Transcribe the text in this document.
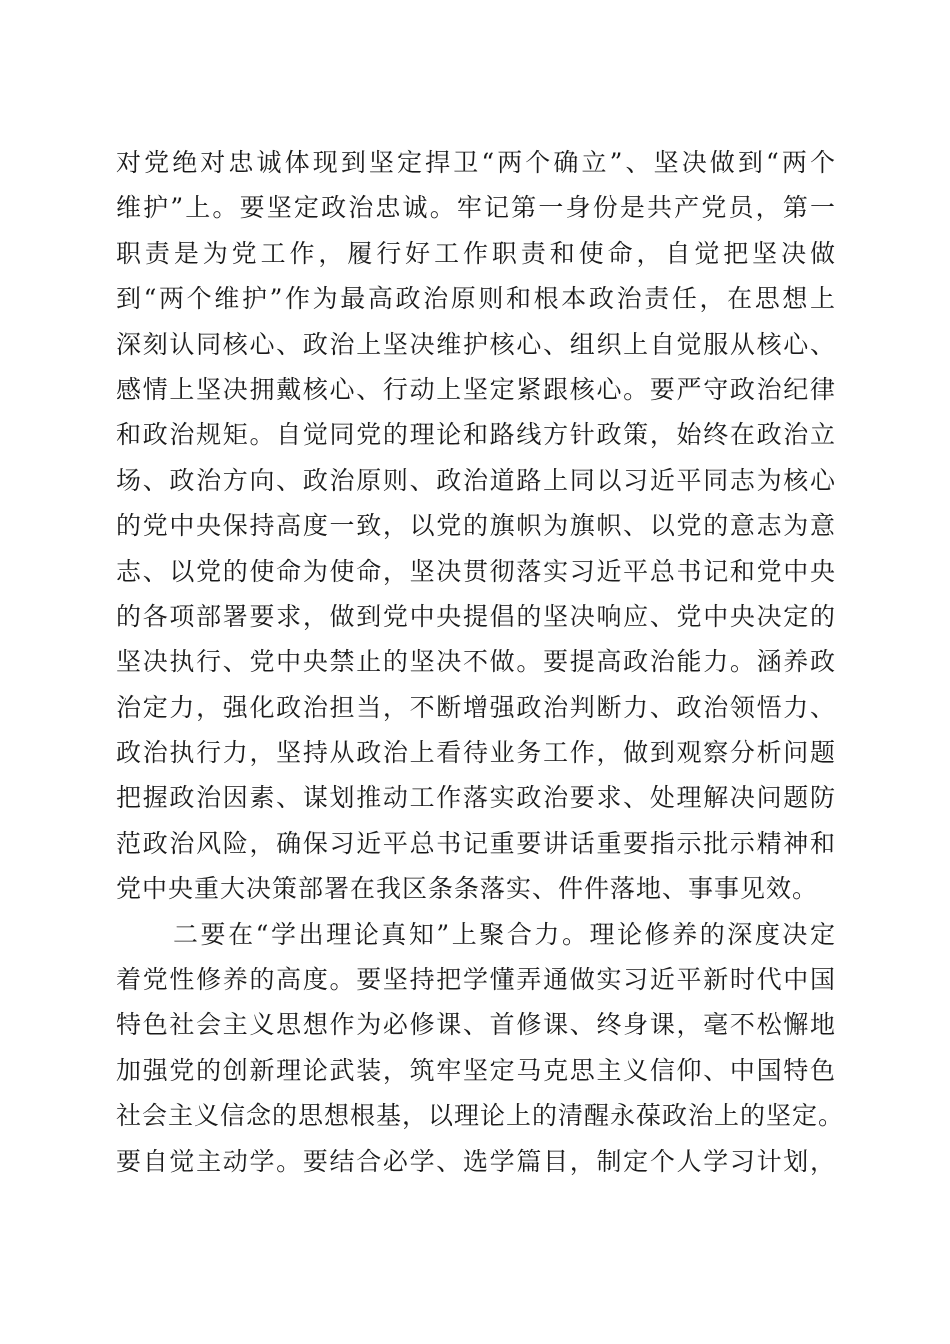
对党绝对忠诚体现到坚定捍卫“两个确立”、坚决做到“两个
维护”上。要坚定政治忠诚。牢记第一身份是共产党员，第一
职责是为党工作，履行好工作职责和使命，自觉把坚决做
到“两个维护”作为最高政治原则和根本政治责任，在思想上
深刻认同核心、政治上坚决维护核心、组织上自觉服从核心、
感情上坚决拥戴核心、行动上坚定紧跟核心。要严守政治纪律
和政治规矩。自觉同党的理论和路线方针政策，始终在政治立
场、政治方向、政治原则、政治道路上同以习近平同志为核心
的党中央保持高度一致，以党的旗帜为旗帜、以党的意志为意
志、以党的使命为使命，坚决贯彻落实习近平总书记和党中央
的各项部署要求，做到党中央提倡的坚决响应、党中央决定的
坚决执行、党中央禁止的坚决不做。要提高政治能力。涵养政
治定力，强化政治担当，不断增强政治判断力、政治领悟力、
政治执行力，坚持从政治上看待业务工作，做到观察分析问题
把握政治因素、谋划推动工作落实政治要求、处理解决问题防
范政治风险，确保习近平总书记重要讲话重要指示批示精神和
党中央重大决策部署在我区条条落实、件件落地、事事见效。
二要在“学出理论真知”上聚合力。理论修养的深度决定
着党性修养的高度。要坚持把学懂弄通做实习近平新时代中国
特色社会主义思想作为必修课、首修课、终身课，毫不松懈地
加强党的创新理论武装，筑牢坚定马克思主义信仰、中国特色
社会主义信念的思想根基，以理论上的清醒永葆政治上的坚定。
要自觉主动学。要结合必学、选学篇目，制定个人学习计划，
